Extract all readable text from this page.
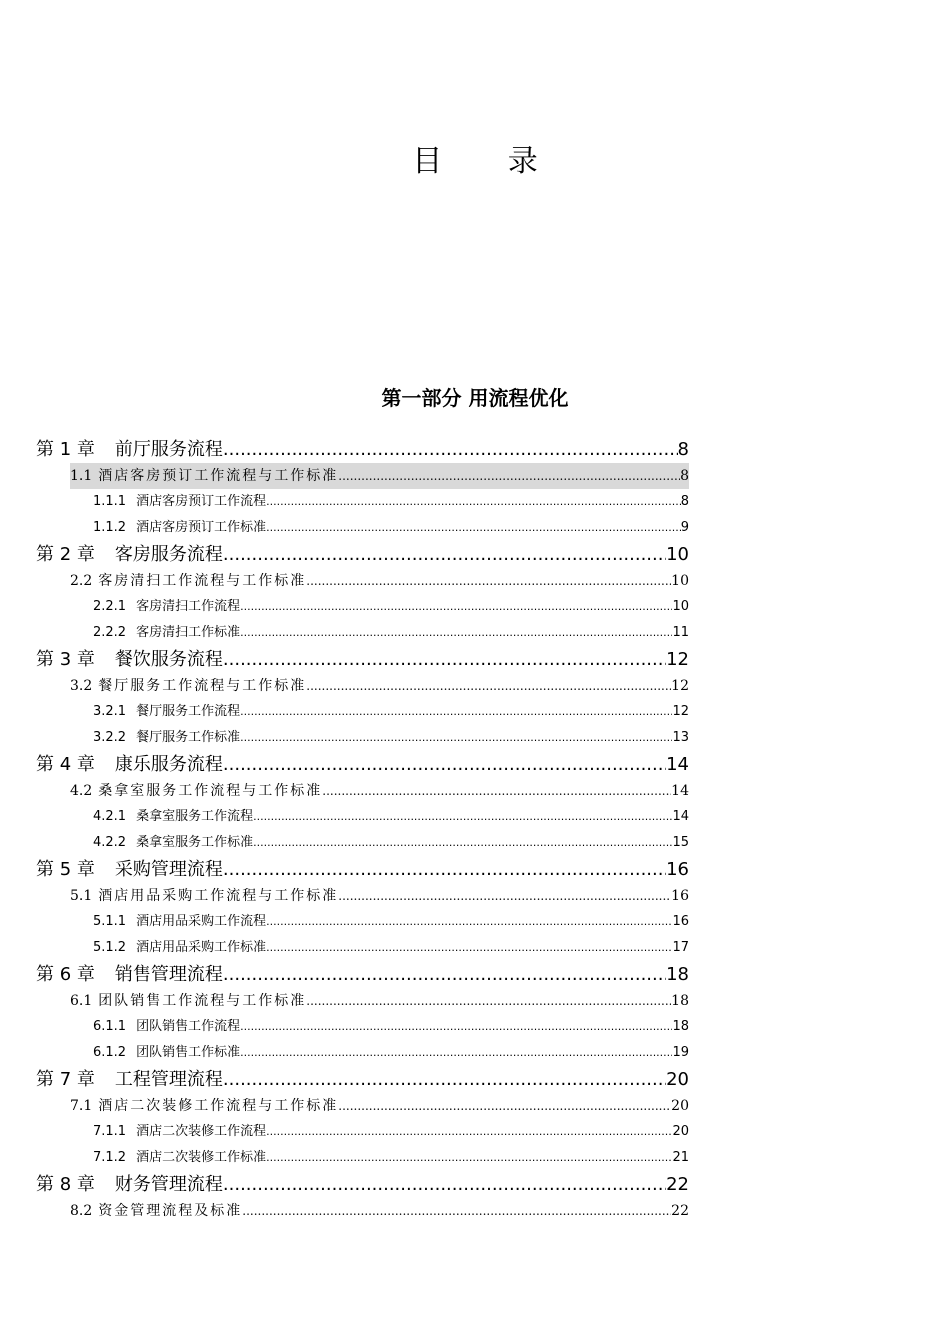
目 录
第一部分 用流程优化
第 1 章 前厅服务流程 .....	8
1.1 酒店客房预订工作流程与工作标准 .....	8
1.1.1 酒店客房预订工作流程 .....	8
1.1.2 酒店客房预订工作标准 .....	9
第 2 章 客房服务流程 .....	10
2.2 客房清扫工作流程与工作标准 .....	10
2.2.1 客房清扫工作流程 .....	10
2.2.2 客房清扫工作标准 .....	11
第 3 章 餐饮服务流程 .....	12
3.2 餐厅服务工作流程与工作标准 .....	12
3.2.1 餐厅服务工作流程 .....	12
3.2.2 餐厅服务工作标准 .....	13
第 4 章 康乐服务流程 .....	14
4.2 桑拿室服务工作流程与工作标准 .....	14
4.2.1 桑拿室服务工作流程 .....	14
4.2.2 桑拿室服务工作标准 .....	15
第 5 章 采购管理流程 .....	16
5.1 酒店用品采购工作流程与工作标准 .....	16
5.1.1 酒店用品采购工作流程 .....	16
5.1.2 酒店用品采购工作标准 .....	17
第 6 章 销售管理流程 .....	18
6.1 团队销售工作流程与工作标准 .....	18
6.1.1 团队销售工作流程 .....	18
6.1.2 团队销售工作标准 .....	19
第 7 章 工程管理流程 .....	20
7.1 酒店二次装修工作流程与工作标准 .....	20
7.1.1 酒店二次装修工作流程 .....	20
7.1.2 酒店二次装修工作标准 .....	21
第 8 章 财务管理流程 .....	22
8.2 资金管理流程及标准 .....	22
